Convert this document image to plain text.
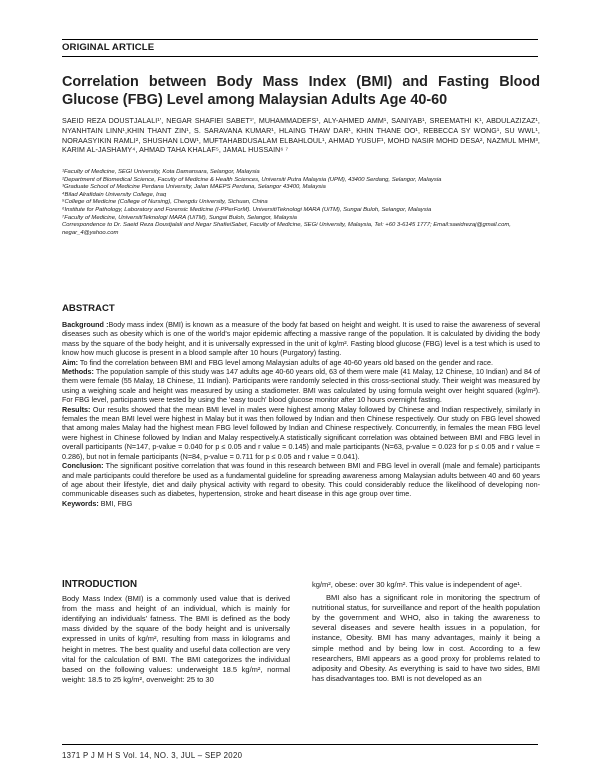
ORIGINAL ARTICLE
Correlation between Body Mass Index (BMI) and Fasting Blood Glucose (FBG) Level among Malaysian Adults Age 40-60
SAEID REZA DOUSTJALALI¹', NEGAR SHAFIEI SABET¹', MUHAMMADEFS¹, ALY-AHMED AMM¹, SANIYAB¹, SREEMATHI K¹, ABDULAZIZAZ¹, NYANHTAIN LINN¹,KHIN THANT ZIN¹, S. SARAVANA KUMAR¹, HLAING THAW DAR¹, KHIN THANE OO¹, REBECCA SY WONG¹, SU WWL¹, NORAASYIKIN RAMLI², SHUSHAN LOW¹, MUFTAHABDUSALAM ELBAHLOUL¹, AHMAD YUSUF¹, MOHD NASIR MOHD DESA², NAZMUL MHM³, KARIM AL-JASHAMY⁴, AHMAD TAHA KHALAF⁵, JAMAL HUSSAIN⁶ ⁷
¹Faculty of Medicine, SEGI University, Kota Damansara, Selangor, Malaysia
²Department of Biomedical Science, Faculty of Medicine & Health Sciences, Universiti Putra Malaysia (UPM), 43400 Serdang, Selangor, Malaysia
³Graduate School of Medicine Perdana University, Jalan MAEPS Perdana, Selangor 43400, Malaysia
⁴Bilad Alrafidain University College, Iraq
⁵College of Medicine (College of Nursing), Chengdu University, Sichuan, China
⁶Institute for Pathology, Laboratory and Forensic Medicine (I-PPerForM). UniversitiTeknologi MARA (UiTM), Sungai Buloh, Selangor, Malaysia
⁷Faculty of Medicine, UniversitiTeknologi MARA (UiTM), Sungai Buloh, Selangor, Malaysia
Correspondence to Dr. Saeid Reza Doustjalali and Negar ShafieiSabet, Faculty of Medicine, SEGi University, Malaysia, Tel: +60 3-6145 1777; Email:saeidrezaj@gmail.com, negar_4@yahoo.com
ABSTRACT

Background :Body mass index (BMI) is known as a measure of the body fat based on height and weight. It is used to raise the awareness of several diseases such as obesity which is one of the world's major epidemic affecting a massive range of the population. It is calculated by dividing the body mass by the square of the body height, and it is universally expressed in the unit of kg/m². Fasting blood glucose (FBG) level is a test which is used to know how much glucose is present in a blood sample after 10 hours (Purgatory) fasting.

Aim: To find the correlation between BMI and FBG level among Malaysian adults of age 40-60 years old based on the gender and race.

Methods: The population sample of this study was 147 adults age 40-60 years old, 63 of them were male (41 Malay, 12 Chinese, 10 Indian) and 84 of them were female (55 Malay, 18 Chinese, 11 Indian). Participants were randomly selected in this cross-sectional study. Their weight was measured by using a weighing scale and height was measured by using a stadiometer. BMI was calculated by using formula weight over height squared (kg/m²). For FBG level, participants were tested by using the 'easy touch' blood glucose monitor after 10 hours overnight fasting.

Results: Our results showed that the mean BMI level in males were highest among Malay followed by Chinese and Indian respectively, similarly in females the mean BMI level were highest in Malay but it was then followed by Indian and then Chinese respectively. Our study on FBG level showed that among males Malay had the highest mean FBG level followed by Indian and Chinese respectively. Concurrently, in females the mean FBG level were highest in Chinese followed by Indian and Malay respectively.A statistically significant correlation was obtained between BMI and FBG level in overall participants (N=147, p-value = 0.040 for p ≤ 0.05 and r value = 0.145) and male participants (N=63, p-value = 0.023 for p ≤ 0.05 and r value = 0.286), but not in female participants (N=84, p-value = 0.711 for p ≤ 0.05 and r value = 0.041).

Conclusion: The significant positive correlation that was found in this research between BMI and FBG level in overall (male and female) participants and male participants could therefore be used as a fundamental guideline for spreading awareness among Malaysian adults between 40 and 60 years of age about their lifestyle, diet and daily physical activity with regard to obesity. This could considerably reduce the likelihood of developing non-communicable diseases such as diabetes, hypertension, stroke and heart disease in this age group over time.

Keywords: BMI, FBG

INTRODUCTION

Body Mass Index (BMI) is a commonly used value that is derived from the mass and height of an individual, which is mainly for identifying an individuals' fatness. The BMI is defined as the body mass divided by the square of the body height and is universally expressed in units of kg/m², resulting from mass in kilograms and height in metres. The best quality and useful data collection are very vital for the calculation of BMI. The BMI categorizes the individual based on the following values: underweight 18.5 kg/m², normal weight: 18.5 to 25 kg/m², overweight: 25 to 30

kg/m², obese: over 30 kg/m². This value is independent of age¹.

BMI also has a significant role in monitoring the spectrum of nutritional status, for surveillance and report of the health population by the government and WHO, also in taking the awareness to several diseases and severe health issues in a population, for instance, Obesity. BMI has many advantages, mainly it being a simple method and by being low in cost. According to a few researchers, BMI appears as a good proxy for problems related to adiposity and Obesity. As everything is said to have two sides, BMI has disadvantages too. BMI is not developed as an

1371 P J M H S Vol. 14, NO. 3, JUL – SEP 2020
